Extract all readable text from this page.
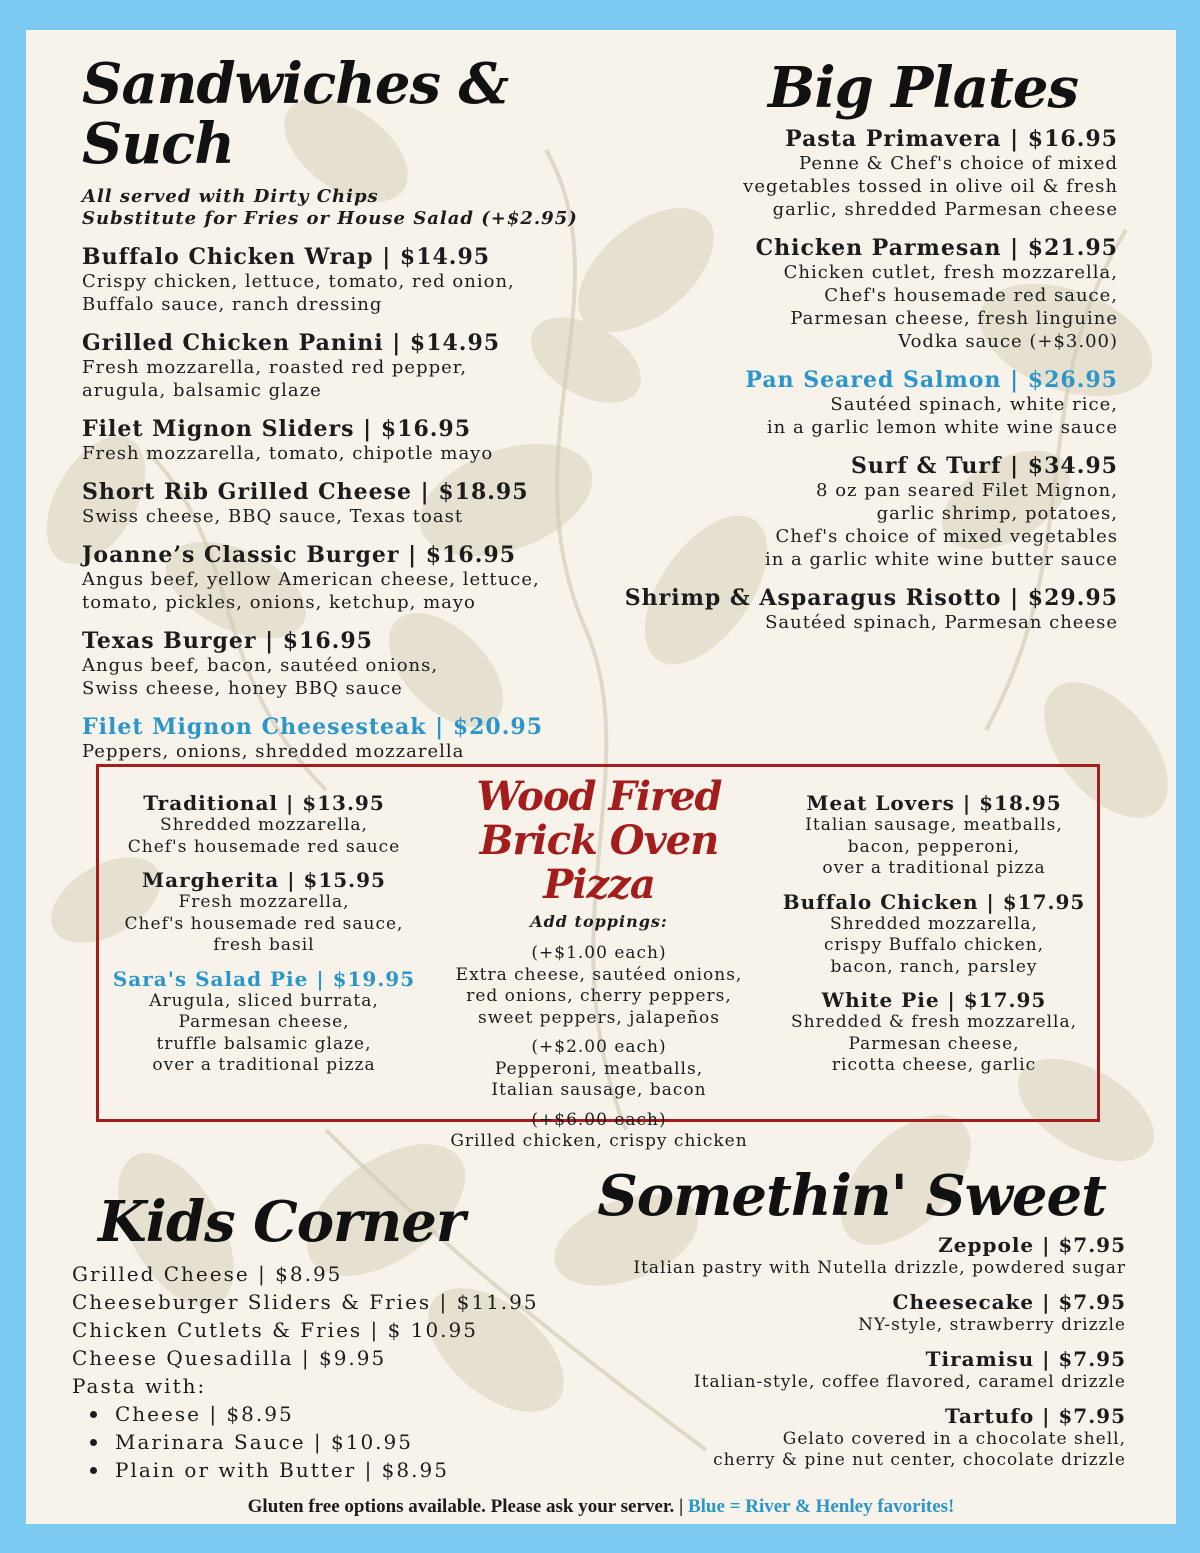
Sandwiches & Such
All served with Dirty Chips
Substitute for Fries or House Salad (+$2.95)
Buffalo Chicken Wrap | $14.95
Crispy chicken, lettuce, tomato, red onion,
Buffalo sauce, ranch dressing
Grilled Chicken Panini | $14.95
Fresh mozzarella, roasted red pepper,
arugula, balsamic glaze
Filet Mignon Sliders | $16.95
Fresh mozzarella, tomato, chipotle mayo
Short Rib Grilled Cheese | $18.95
Swiss cheese, BBQ sauce, Texas toast
Joanne’s Classic Burger | $16.95
Angus beef, yellow American cheese, lettuce,
tomato, pickles, onions, ketchup, mayo
Texas Burger | $16.95
Angus beef, bacon, sautéed onions,
Swiss cheese, honey BBQ sauce
Filet Mignon Cheesesteak | $20.95
Peppers, onions, shredded mozzarella
Big Plates
Pasta Primavera | $16.95
Penne & Chef's choice of mixed
vegetables tossed in olive oil & fresh
garlic, shredded Parmesan cheese
Chicken Parmesan | $21.95
Chicken cutlet, fresh mozzarella,
Chef's housemade red sauce,
Parmesan cheese, fresh linguine
Vodka sauce (+$3.00)
Pan Seared Salmon | $26.95
Sautéed spinach, white rice,
in a garlic lemon white wine sauce
Surf & Turf | $34.95
8 oz pan seared Filet Mignon,
garlic shrimp, potatoes,
Chef's choice of mixed vegetables
in a garlic white wine butter sauce
Shrimp & Asparagus Risotto | $29.95
Sautéed spinach, Parmesan cheese
Traditional | $13.95
Shredded mozzarella,
Chef's housemade red sauce
Margherita | $15.95
Fresh mozzarella,
Chef's housemade red sauce,
fresh basil
Sara's Salad Pie | $19.95
Arugula, sliced burrata,
Parmesan cheese,
truffle balsamic glaze,
over a traditional pizza
Wood Fired
Brick Oven Pizza
Add toppings:
(+$1.00 each)
Extra cheese, sautéed onions,
red onions, cherry peppers,
sweet peppers, jalapeños
(+$2.00 each)
Pepperoni, meatballs,
Italian sausage, bacon
(+$6.00 each)
Grilled chicken, crispy chicken
Meat Lovers | $18.95
Italian sausage, meatballs,
bacon, pepperoni,
over a traditional pizza
Buffalo Chicken | $17.95
Shredded mozzarella,
crispy Buffalo chicken,
bacon, ranch, parsley
White Pie | $17.95
Shredded & fresh mozzarella,
Parmesan cheese,
ricotta cheese, garlic
Kids Corner
Grilled Cheese | $8.95
Cheeseburger Sliders & Fries | $11.95
Chicken Cutlets & Fries | $ 10.95
Cheese Quesadilla | $9.95
Pasta with:
Cheese | $8.95
Marinara Sauce | $10.95
Plain or with Butter | $8.95
Somethin' Sweet
Zeppole | $7.95
Italian pastry with Nutella drizzle, powdered sugar
Cheesecake | $7.95
NY-style, strawberry drizzle
Tiramisu | $7.95
Italian-style, coffee flavored, caramel drizzle
Tartufo | $7.95
Gelato covered in a chocolate shell,
cherry & pine nut center, chocolate drizzle
Gluten free options available. Please ask your server. | Blue = River & Henley favorites!
